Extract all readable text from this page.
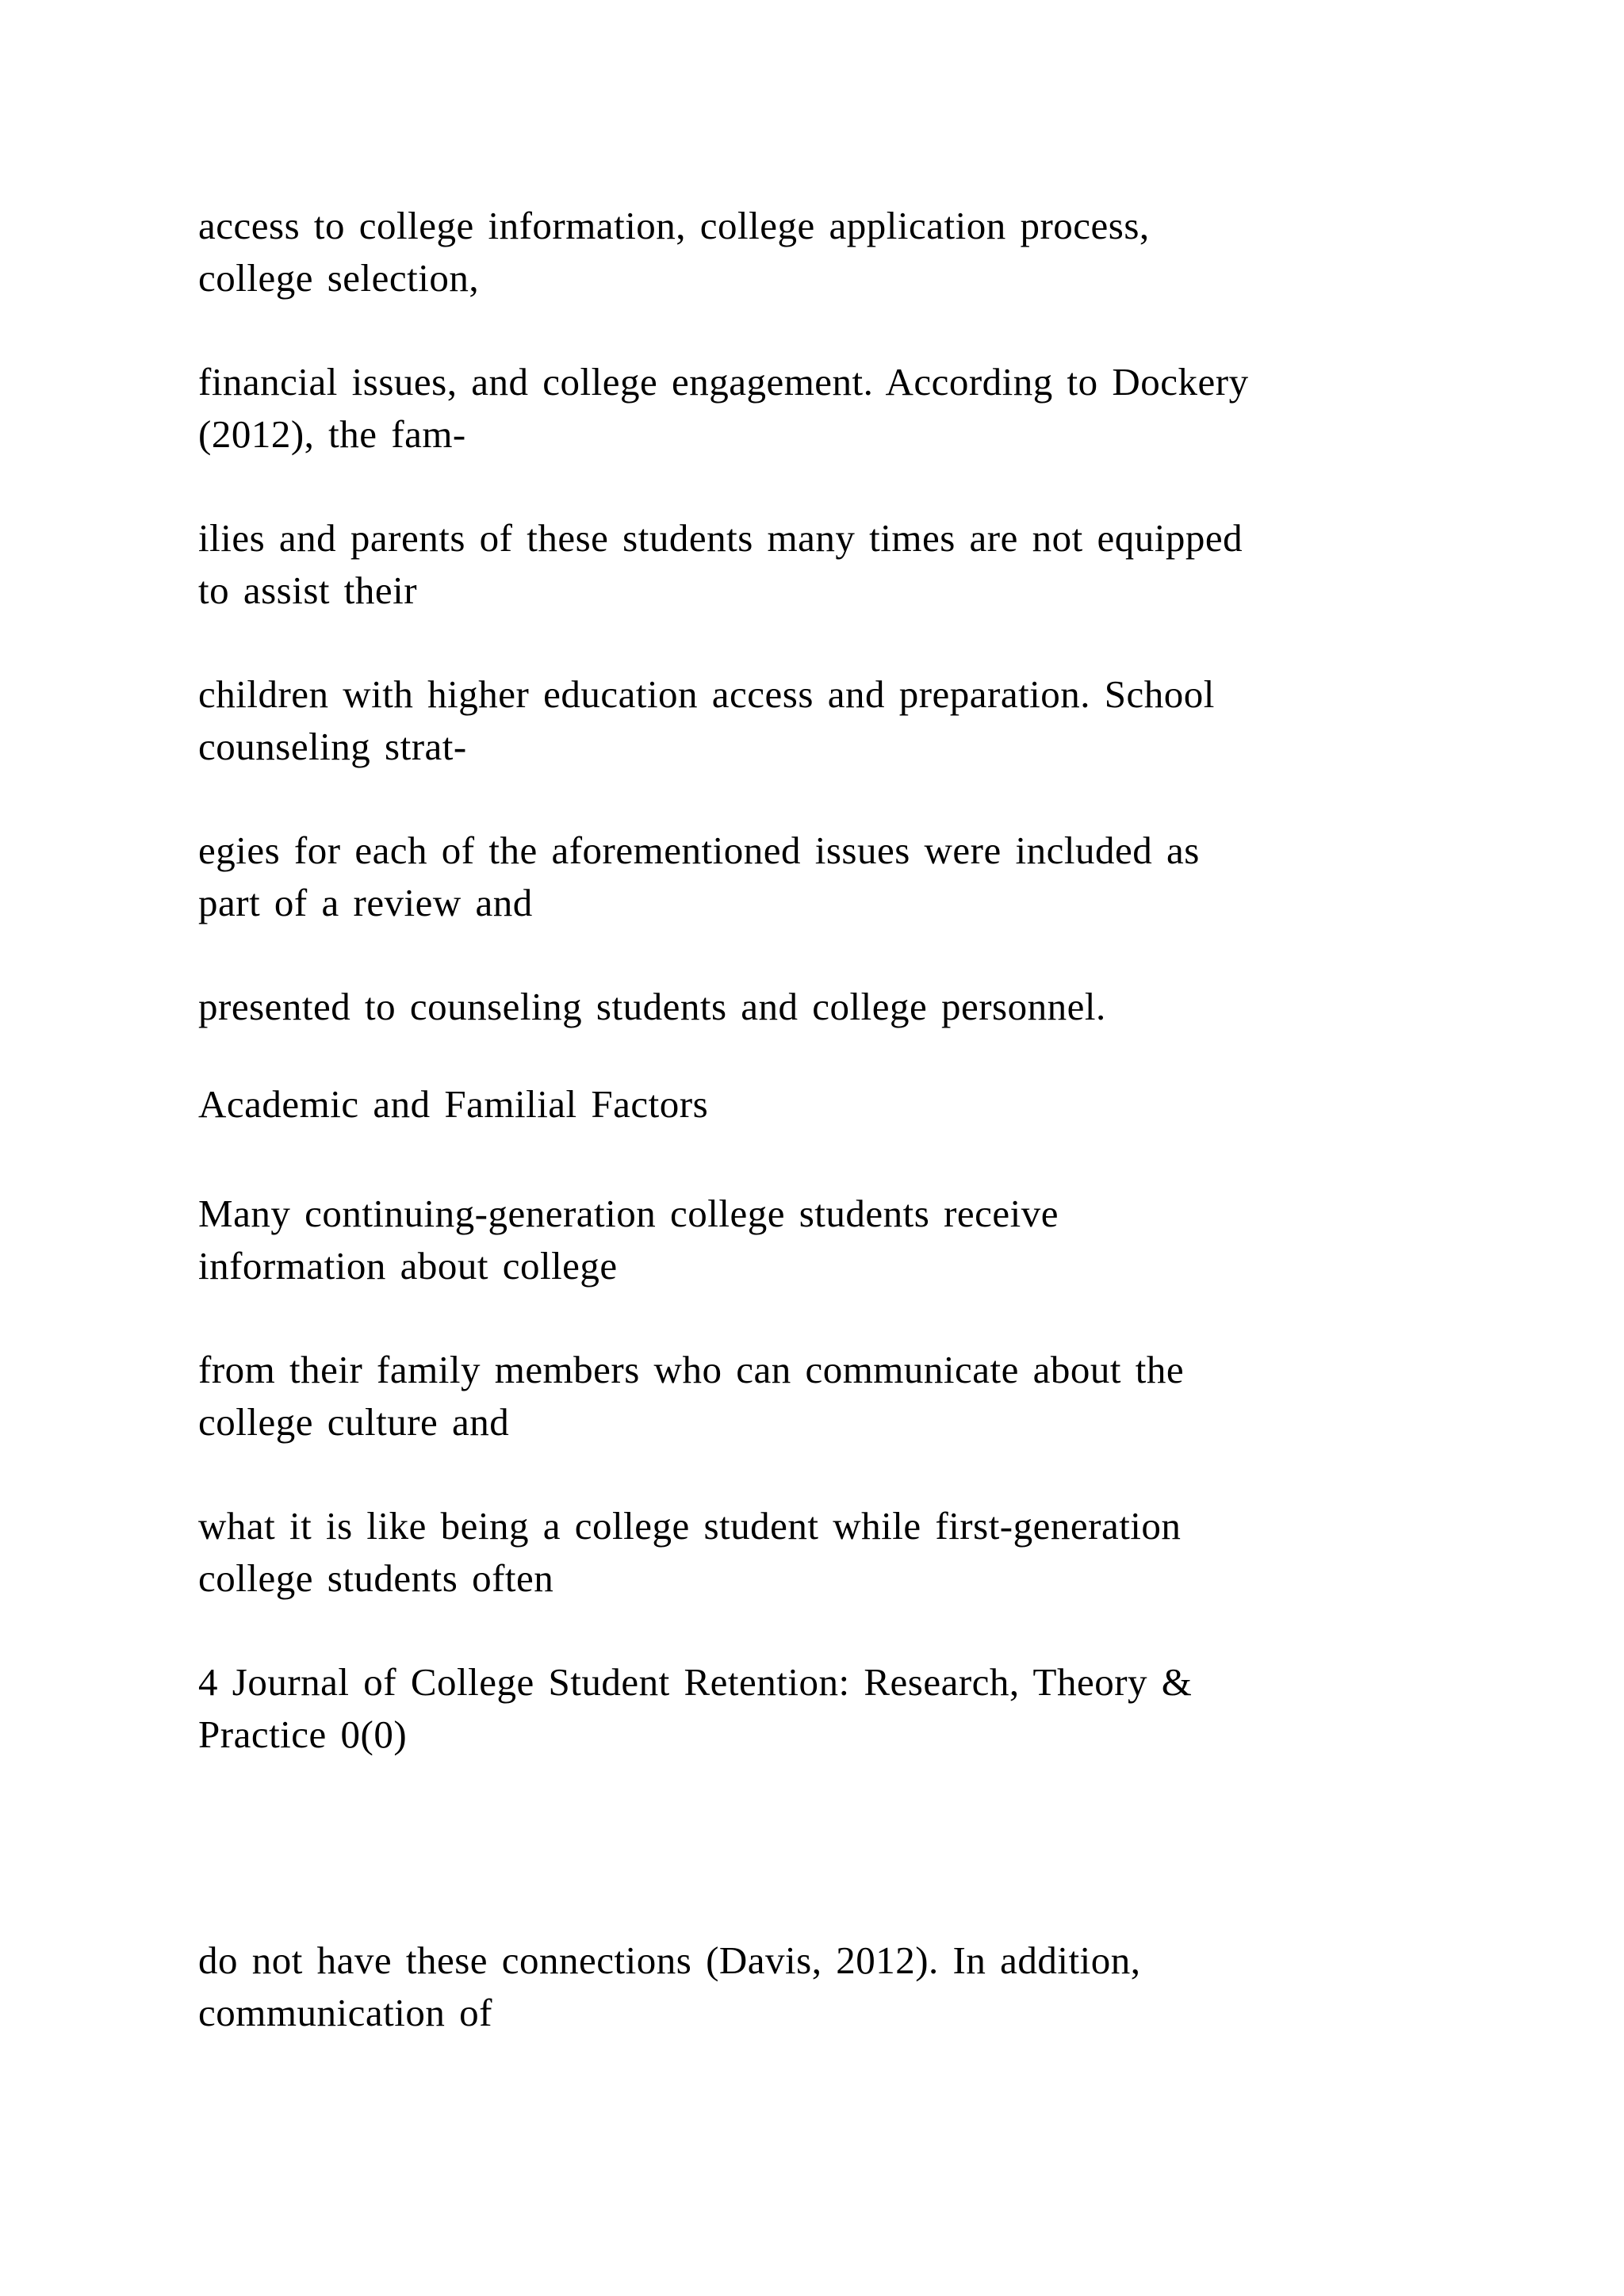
access to college information, college application process,
college selection,

financial issues, and college engagement. According to Dockery
(2012), the fam-

ilies and parents of these students many times are not equipped
to assist their

children with higher education access and preparation. School
counseling strat-

egies for each of the aforementioned issues were included as
part of a review and

presented to counseling students and college personnel.

Academic and Familial Factors

Many continuing-generation college students receive
information about college

from their family members who can communicate about the
college culture and

what it is like being a college student while first-generation
college students often

4 Journal of College Student Retention: Research, Theory &
Practice 0(0)

do not have these connections (Davis, 2012). In addition,
communication of
